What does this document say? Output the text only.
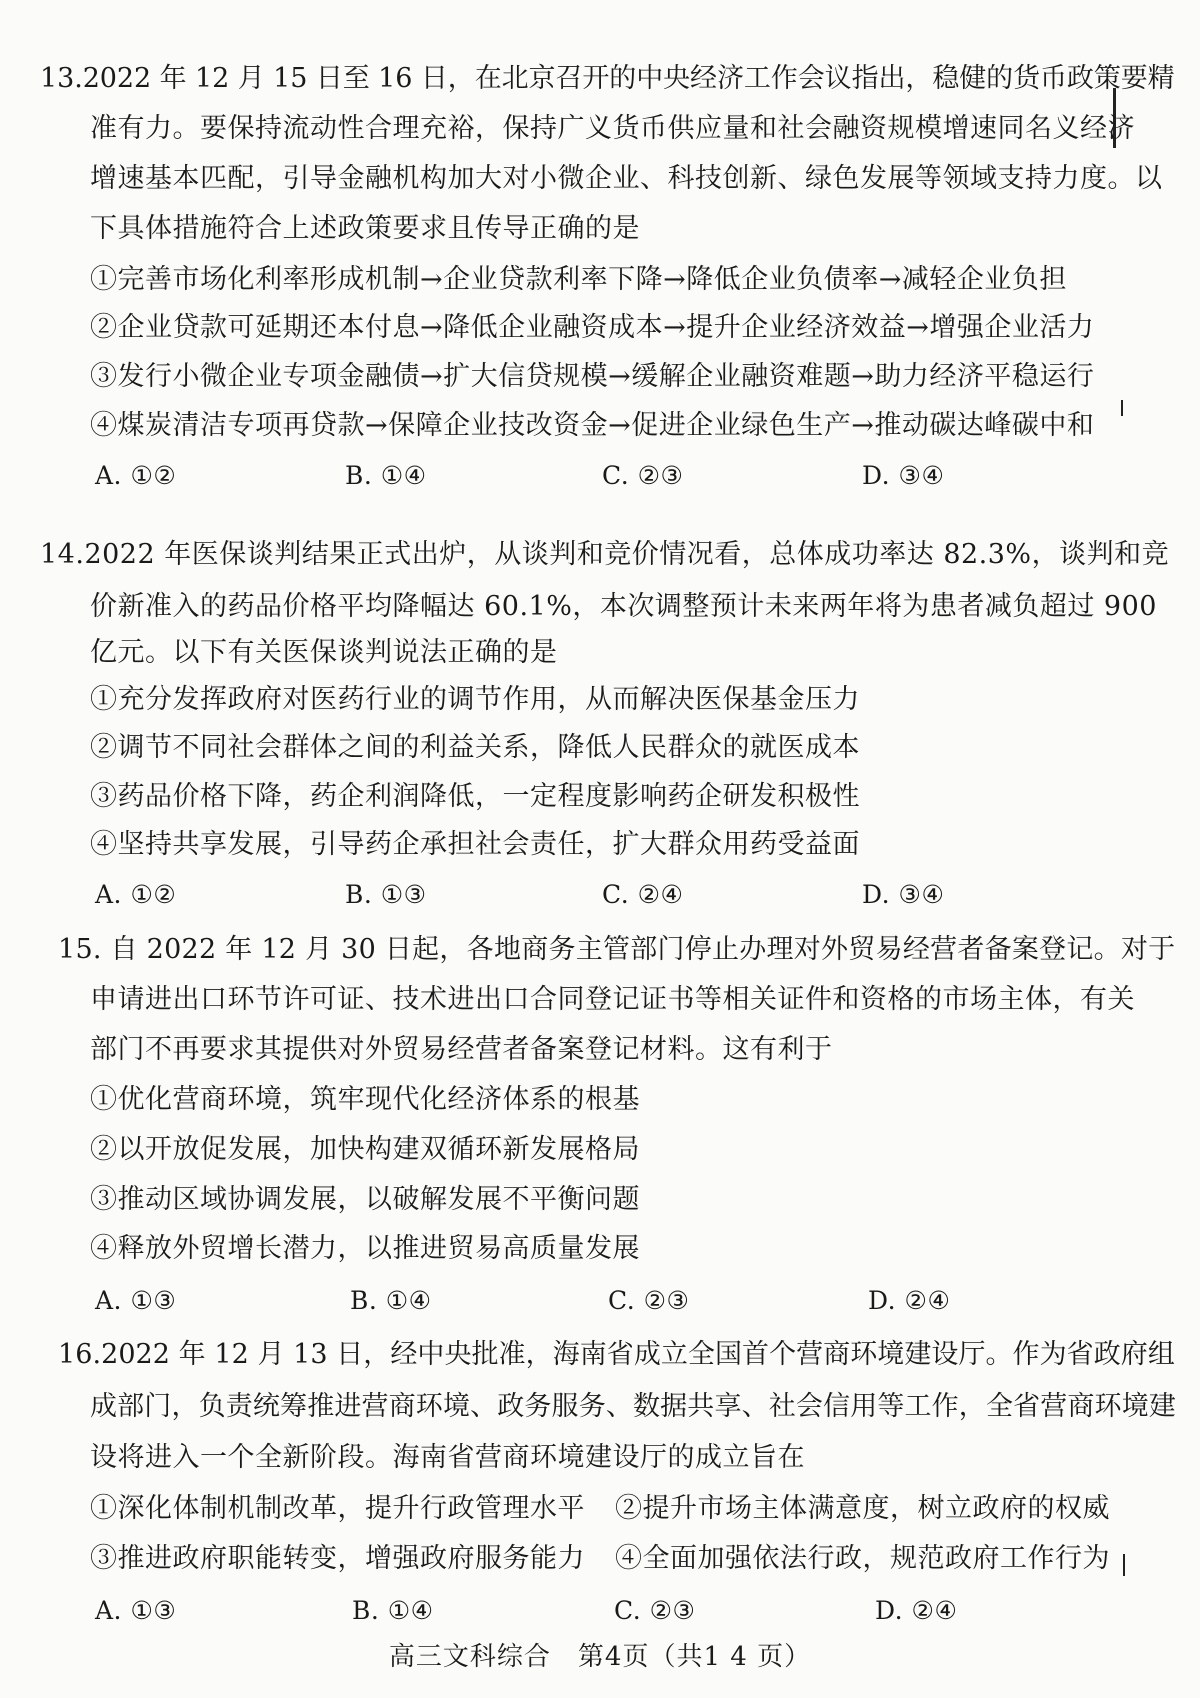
13.2022 年 12 月 15 日至 16 日，在北京召开的中央经济工作会议指出，稳健的货币政策要精
准有力。要保持流动性合理充裕，保持广义货币供应量和社会融资规模增速同名义经济
增速基本匹配，引导金融机构加大对小微企业、科技创新、绿色发展等领域支持力度。以
下具体措施符合上述政策要求且传导正确的是
①完善市场化利率形成机制→企业贷款利率下降→降低企业负债率→减轻企业负担
②企业贷款可延期还本付息→降低企业融资成本→提升企业经济效益→增强企业活力
③发行小微企业专项金融债→扩大信贷规模→缓解企业融资难题→助力经济平稳运行
④煤炭清洁专项再贷款→保障企业技改资金→促进企业绿色生产→推动碳达峰碳中和
A. ①②	B. ①④	C. ②③	D. ③④
14.2022 年医保谈判结果正式出炉，从谈判和竞价情况看，总体成功率达 82.3%，谈判和竞
价新准入的药品价格平均降幅达 60.1%，本次调整预计未来两年将为患者减负超过 900
亿元。以下有关医保谈判说法正确的是
①充分发挥政府对医药行业的调节作用，从而解决医保基金压力
②调节不同社会群体之间的利益关系，降低人民群众的就医成本
③药品价格下降，药企利润降低，一定程度影响药企研发积极性
④坚持共享发展，引导药企承担社会责任，扩大群众用药受益面
A. ①②	B. ①③	C. ②④	D. ③④
15. 自 2022 年 12 月 30 日起，各地商务主管部门停止办理对外贸易经营者备案登记。对于
申请进出口环节许可证、技术进出口合同登记证书等相关证件和资格的市场主体，有关
部门不再要求其提供对外贸易经营者备案登记材料。这有利于
①优化营商环境，筑牢现代化经济体系的根基
②以开放促发展，加快构建双循环新发展格局
③推动区域协调发展，以破解发展不平衡问题
④释放外贸增长潜力，以推进贸易高质量发展
A. ①③	B. ①④	C. ②③	D. ②④
16.2022 年 12 月 13 日，经中央批准，海南省成立全国首个营商环境建设厅。作为省政府组
成部门，负责统筹推进营商环境、政务服务、数据共享、社会信用等工作，全省营商环境建
设将进入一个全新阶段。海南省营商环境建设厅的成立旨在
①深化体制机制改革，提升行政管理水平 ②提升市场主体满意度，树立政府的权威
③推进政府职能转变，增强政府服务能力 ④全面加强依法行政，规范政府工作行为
A. ①③	B. ①④	C. ②③	D. ②④
高三文科综合　第4页（共1 4 页）
